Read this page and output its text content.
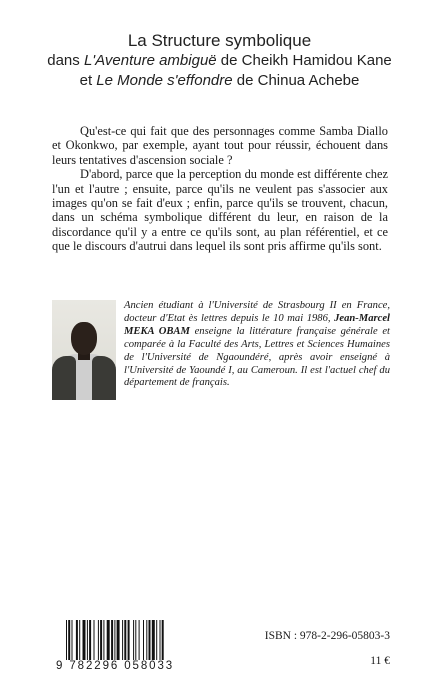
La Structure symbolique
dans L'Aventure ambiguë de Cheikh Hamidou Kane
et Le Monde s'effondre de Chinua Achebe

Qu'est-ce qui fait que des personnages comme Samba Diallo et Okonkwo, par exemple, ayant tout pour réussir, échouent dans leurs tentatives d'ascension sociale ?

D'abord, parce que la perception du monde est différente chez l'un et l'autre ; ensuite, parce qu'ils ne veulent pas s'associer aux images qu'on se fait d'eux ; enfin, parce qu'ils se trouvent, chacun, dans un schéma symbolique différent du leur, en raison de la discordance qu'il y a entre ce qu'ils sont, au plan référentiel, et ce que le discours d'autrui dans lequel ils sont pris affirme qu'ils sont.

Ancien étudiant à l'Université de Strasbourg II en France, docteur d'Etat ès lettres depuis le 10 mai 1986, Jean-Marcel MEKA OBAM enseigne la littérature française générale et comparée à la Faculté des Arts, Lettres et Sciences Humaines de l'Université de Ngaoundéré, après avoir enseigné à l'Université de Yaoundé I, au Cameroun. Il est l'actuel chef du département de français.
9 782296 058033
ISBN : 978-2-296-05803-3
11 €
